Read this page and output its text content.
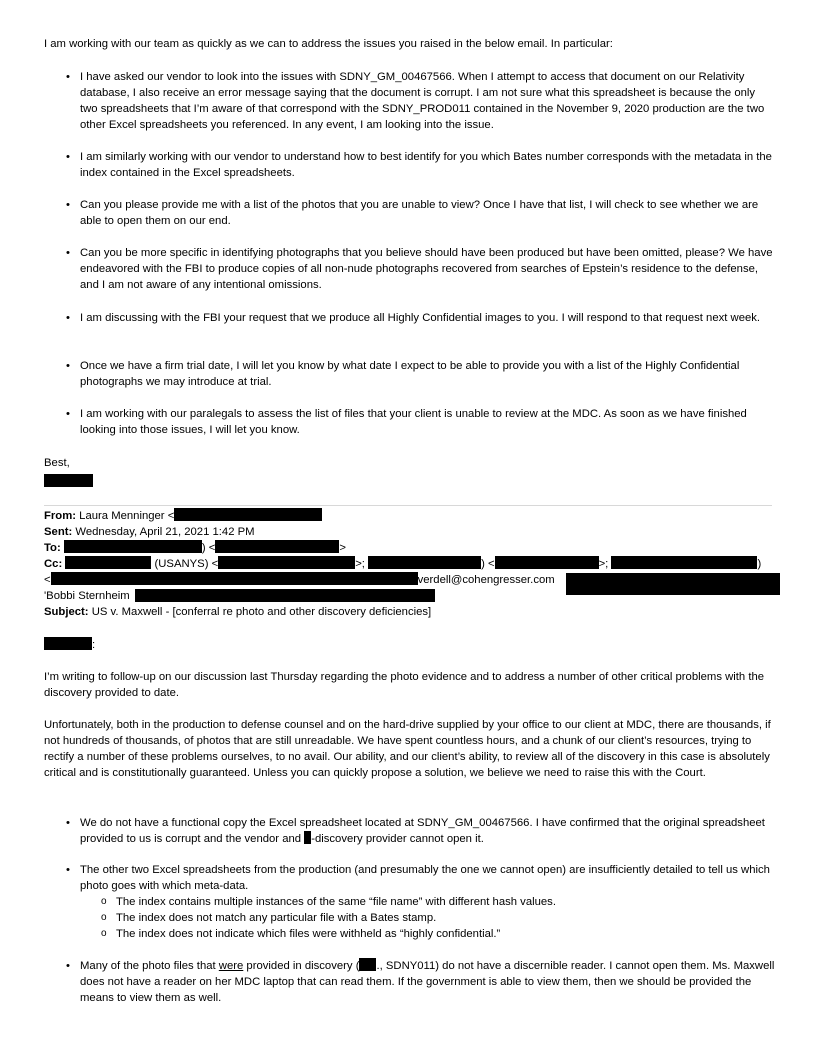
I am working with our team as quickly as we can to address the issues you raised in the below email. In particular:

• I have asked our vendor to look into the issues with SDNY_GM_00467566. When I attempt to access that document on our Relativity database, I also receive an error message saying that the document is corrupt. I am not sure what this spreadsheet is because the only two spreadsheets that I’m aware of that correspond with the SDNY_PROD011 contained in the November 9, 2020 production are the two other Excel spreadsheets you referenced. In any event, I am looking into the issue.
• I am similarly working with our vendor to understand how to best identify for you which Bates number corresponds with the metadata in the index contained in the Excel spreadsheets.
• Can you please provide me with a list of the photos that you are unable to view? Once I have that list, I will check to see whether we are able to open them on our end.
• Can you be more specific in identifying photographs that you believe should have been produced but have been omitted, please? We have endeavored with the FBI to produce copies of all non-nude photographs recovered from searches of Epstein’s residence to the defense, and I am not aware of any intentional omissions.
• I am discussing with the FBI your request that we produce all Highly Confidential images to you. I will respond to that request next week.
• Once we have a firm trial date, I will let you know by what date I expect to be able to provide you with a list of the Highly Confidential photographs we may introduce at trial.
• I am working with our paralegals to assess the list of files that your client is unable to review at the MDC. As soon as we have finished looking into those issues, I will let you know.

Best,

From: Laura Menninger <
Sent: Wednesday, April 21, 2021 1:42 PM
To:	) <	>
Cc:	(USANYS) <	>;	) <	>;	)
<	verdell@cohengresser.com
'Bobbi Sternheim
Subject: US v. Maxwell - [conferral re photo and other discovery deficiencies]
:

I’m writing to follow-up on our discussion last Thursday regarding the photo evidence and to address a number of other critical problems with the discovery provided to date.

Unfortunately, both in the production to defense counsel and on the hard-drive supplied by your office to our client at MDC, there are thousands, if not hundreds of thousands, of photos that are still unreadable. We have spent countless hours, and a chunk of our client’s resources, trying to rectify a number of these problems ourselves, to no avail. Our ability, and our client’s ability, to review all of the discovery in this case is absolutely critical and is constitutionally guaranteed. Unless you can quickly propose a solution, we believe we need to raise this with the Court.

• We do not have a functional copy the Excel spreadsheet located at SDNY_GM_00467566. I have confirmed that the original spreadsheet provided to us is corrupt and the vendor and -discovery provider cannot open it.
• The other two Excel spreadsheets from the production (and presumably the one we cannot open) are insufficiently detailed to tell us which photo goes with which meta-data.
o The index contains multiple instances of the same “file name” with different hash values.
o The index does not match any particular file with a Bates stamp.
o The index does not indicate which files were withheld as “highly confidential.”
• Many of the photo files that were provided in discovery ( ., SDNY011) do not have a discernible reader. I cannot open them. Ms. Maxwell does not have a reader on her MDC laptop that can read them. If the government is able to view them, then we should be provided the means to view them as well.
